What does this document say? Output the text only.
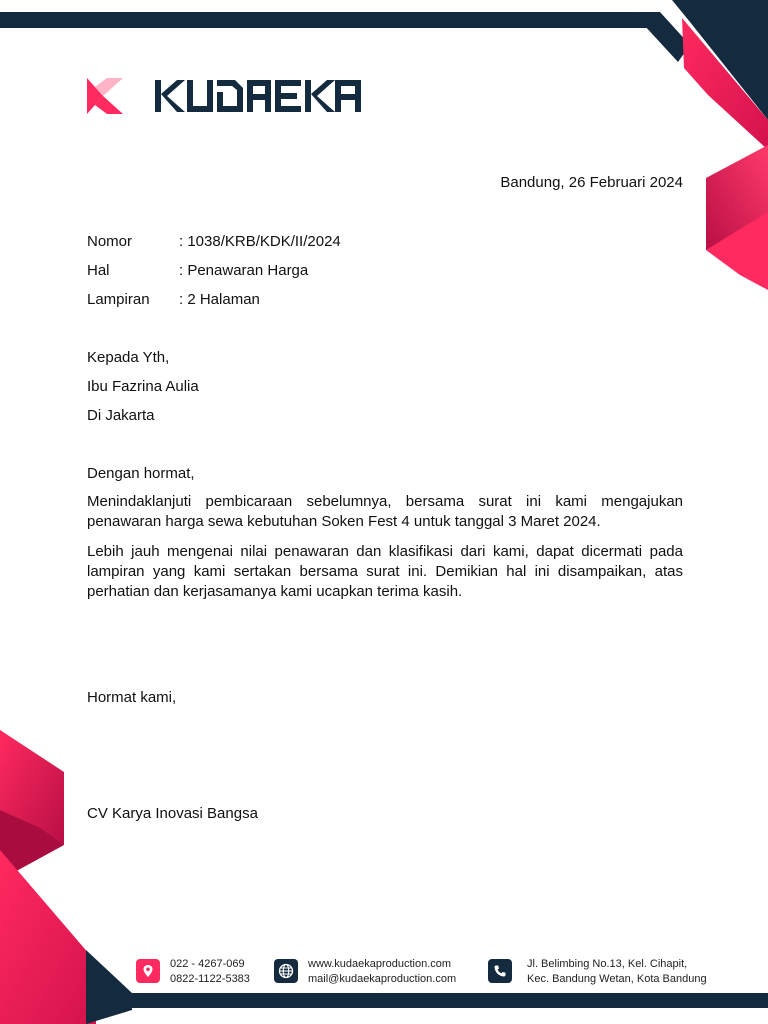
Bandung, 26 Februari 2024
Nomor	: 1038/KRB/KDK/II/2024
Hal	: Penawaran Harga
Lampiran : 2 Halaman
Kepada Yth,
Ibu Fazrina Aulia
Di Jakarta
Dengan hormat,
Menindaklanjuti pembicaraan sebelumnya, bersama surat ini kami mengajukan penawaran harga sewa kebutuhan Soken Fest 4 untuk tanggal 3 Maret 2024.
Lebih jauh mengenai nilai penawaran dan klasifikasi dari kami, dapat dicermati pada lampiran yang kami sertakan bersama surat ini. Demikian hal ini disampaikan, atas perhatian dan kerjasamanya kami ucapkan terima kasih.
Hormat kami,
CV Karya Inovasi Bangsa
022 - 4267-069
0822-1122-5383
www.kudaekaproduction.com
mail@kudaekaproduction.com
Jl. Belimbing No.13, Kel. Cihapit,
Kec. Bandung Wetan, Kota Bandung
